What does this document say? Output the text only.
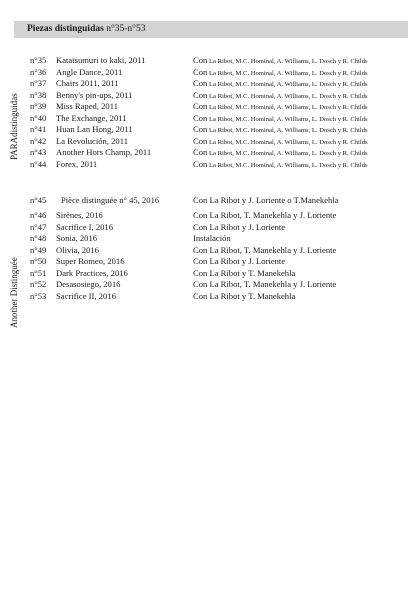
Piezas distinguidas n°35-n°53
PARAdistinguidas
Another Distinguée
n°35 Katatsumuri to kaki, 2011	Con La Ribot, M.C. Hominal, A. Williams, L. Dosch y R. Childs
n°36 Angle Dance, 2011	Con La Ribot, M.C. Hominal, A. Williams, L. Dosch y R. Childs
n°37 Chairs 2011, 2011	Con La Ribot, M.C. Hominal, A. Williams, L. Dosch y R. Childs
n°38 Benny's pin-ups, 2011	Con La Ribot, M.C. Hominal, A. Williams, L. Dosch y R. Childs
n°39 Miss Raped, 2011	Con La Ribot, M.C. Hominal, A. Williams, L. Dosch y R. Childs
n°40 The Exchange, 2011	Con La Ribot, M.C. Hominal, A. Williams, L. Dosch y R. Childs
n°41 Huan Lan Hong, 2011	Con La Ribot, M.C. Hominal, A. Williams, L. Dosch y R. Childs
n°42 La Revolución, 2011	Con La Ribot, M.C. Hominal, A. Williams, L. Dosch y R. Childs
n°43 Another Hors Champ, 2011	Con La Ribot, M.C. Hominal, A. Williams, L. Dosch y R. Childs
n°44 Forex, 2011	Con La Ribot, M.C. Hominal, A. Williams, L. Dosch y R. Childs
n°45 Pièce distinguée n° 45, 2016	Con La Ribot y J. Loriente o T.Manekehla
n°46 Sirènes, 2016	Con La Ribot, T. Manekehla y J. Loriente
n°47 Sacrifice I, 2016	Con La Ribot y J. Loriente
n°48 Sonia, 2016	Instalación
n°49 Olivia, 2016	Con La Ribot, T. Manekehla y J. Loriente
n°50 Super Romeo, 2016	Con La Ribot y J. Loriente
n°51 Dark Practices, 2016	Con La Ribot y T. Manekehla
n°52 Desasosiego, 2016	Con La Ribot, T. Manekehla y J. Loriente
n°53 Sacrifice II, 2016	Con La Ribot y T. Manekehla
